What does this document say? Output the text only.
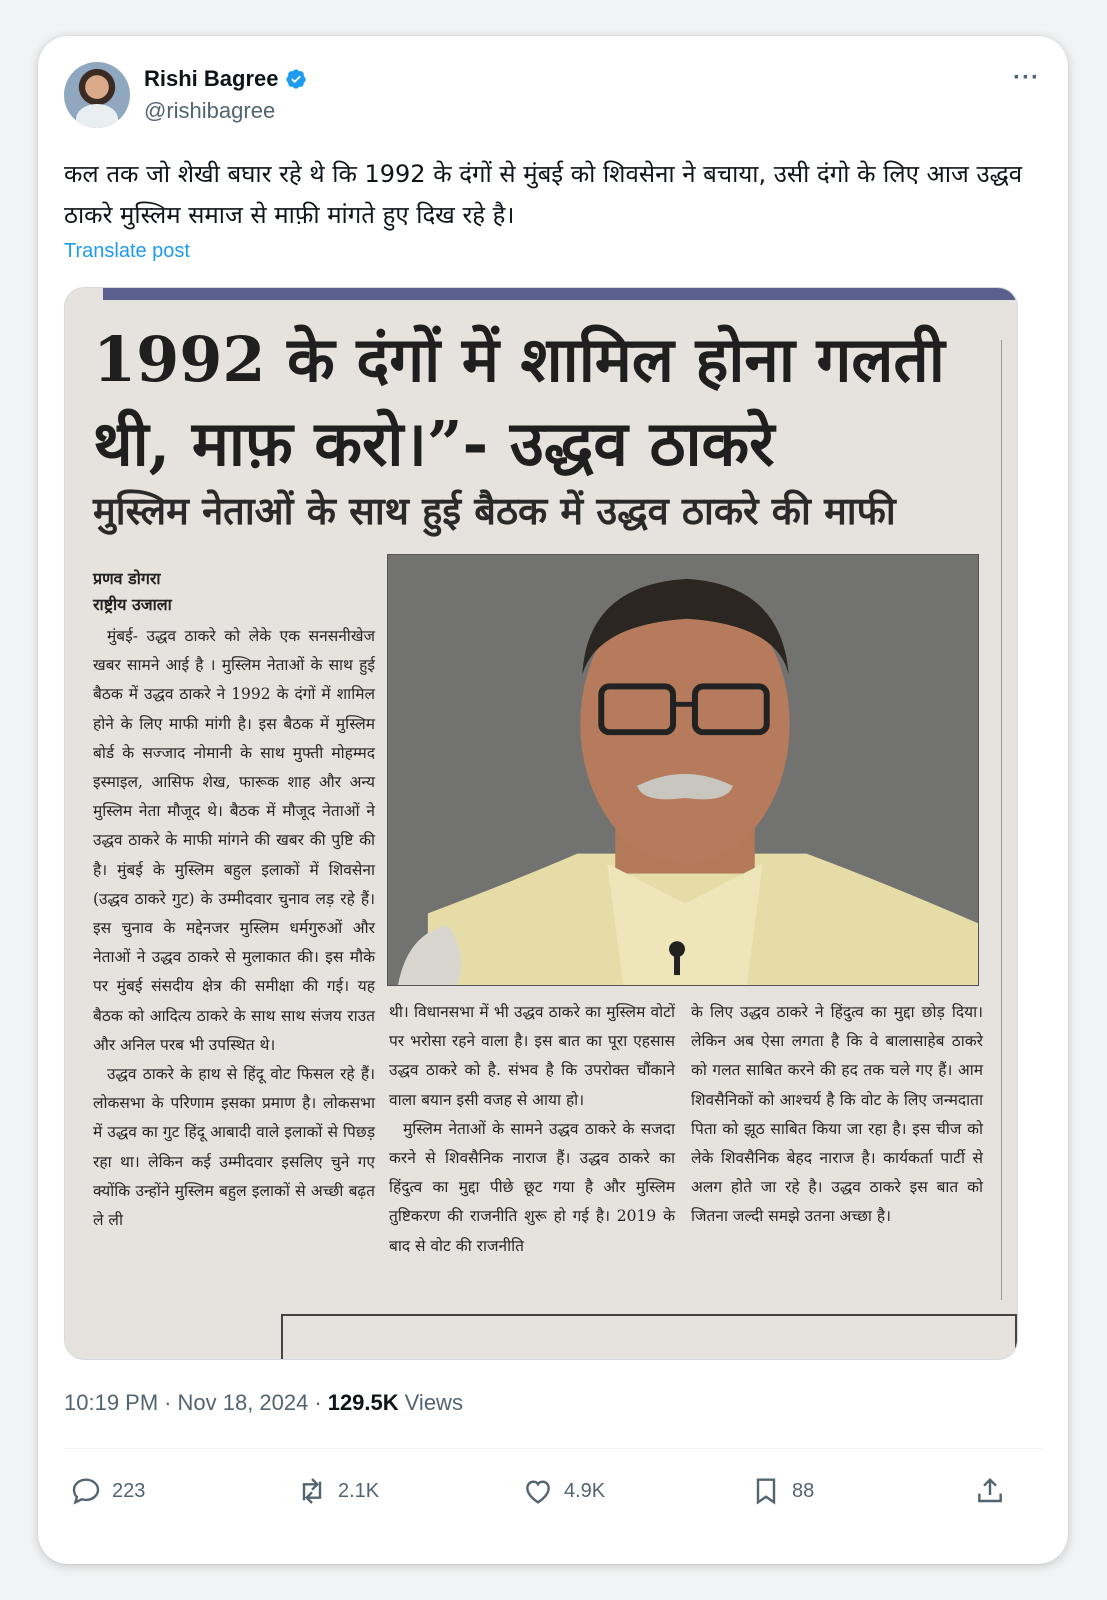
Rishi Bagree
@rishibagree
···
कल तक जो शेखी बघार रहे थे कि 1992 के दंगों से मुंबई को शिवसेना ने बचाया, उसी दंगो के लिए आज उद्धव ठाकरे मुस्लिम समाज से माफ़ी मांगते हुए दिख रहे है।
Translate post
1992 के दंगों में शामिल होना गलती थी, माफ़ करो।”- उद्धव ठाकरे
मुस्लिम नेताओं के साथ हुई बैठक में उद्धव ठाकरे की माफी
प्रणव डोगरा
राष्ट्रीय उजाला

मुंबई- उद्धव ठाकरे को लेके एक सनसनीखेज खबर सामने आई है । मुस्लिम नेताओं के साथ हुई बैठक में उद्धव ठाकरे ने 1992 के दंगों में शामिल होने के लिए माफी मांगी है। इस बैठक में मुस्लिम बोर्ड के सज्जाद नोमानी के साथ मुफ्ती मोहम्मद इस्माइल, आसिफ शेख, फारूक शाह और अन्य मुस्लिम नेता मौजूद थे। बैठक में मौजूद नेताओं ने उद्धव ठाकरे के माफी मांगने की खबर की पुष्टि की है। मुंबई के मुस्लिम बहुल इलाकों में शिवसेना (उद्धव ठाकरे गुट) के उम्मीदवार चुनाव लड़ रहे हैं।इस चुनाव के मद्देनजर मुस्लिम धर्मगुरुओं और नेताओं ने उद्धव ठाकरे से मुलाकात की। इस मौके पर मुंबई संसदीय क्षेत्र की समीक्षा की गई। यह बैठक को आदित्य ठाकरे के साथ साथ संजय राउत और अनिल परब भी उपस्थित थे।

उद्धव ठाकरे के हाथ से हिंदू वोट फिसल रहे हैं। लोकसभा के परिणाम इसका प्रमाण है। लोकसभा में उद्धव का गुट हिंदू आबादी वाले इलाकों से पिछड़ रहा था। लेकिन कई उम्मीदवार इसलिए चुने गए क्योंकि उन्होंने मुस्लिम बहुल इलाकों से अच्छी बढ़त ले ली

थी। विधानसभा में भी उद्धव ठाकरे का मुस्लिम वोटों पर भरोसा रहने वाला है। इस बात का पूरा एहसास उद्धव ठाकरे को है. संभव है कि उपरोक्त चौंकाने वाला बयान इसी वजह से आया हो।

मुस्लिम नेताओं के सामने उद्धव ठाकरे के सजदा करने से शिवसैनिक नाराज हैं। उद्धव ठाकरे का हिंदुत्व का मुद्दा पीछे छूट गया है और मुस्लिम तुष्टिकरण की राजनीति शुरू हो गई है। 2019 के बाद से वोट की राजनीति

के लिए उद्धव ठाकरे ने हिंदुत्व का मुद्दा छोड़ दिया। लेकिन अब ऐसा लगता है कि वे बालासाहेब ठाकरे को गलत साबित करने की हद तक चले गए हैं। आम शिवसैनिकों को आश्चर्य है कि वोट के लिए जन्मदाता पिता को झूठ साबित किया जा रहा है। इस चीज को लेके शिवसैनिक बेहद नाराज है। कार्यकर्ता पार्टी से अलग होते जा रहे है। उद्धव ठाकरे इस बात को जितना जल्दी समझे उतना अच्छा है।

10:19 PM · Nov 18, 2024 · 129.5K Views
223	2.1K	4.9K	88
